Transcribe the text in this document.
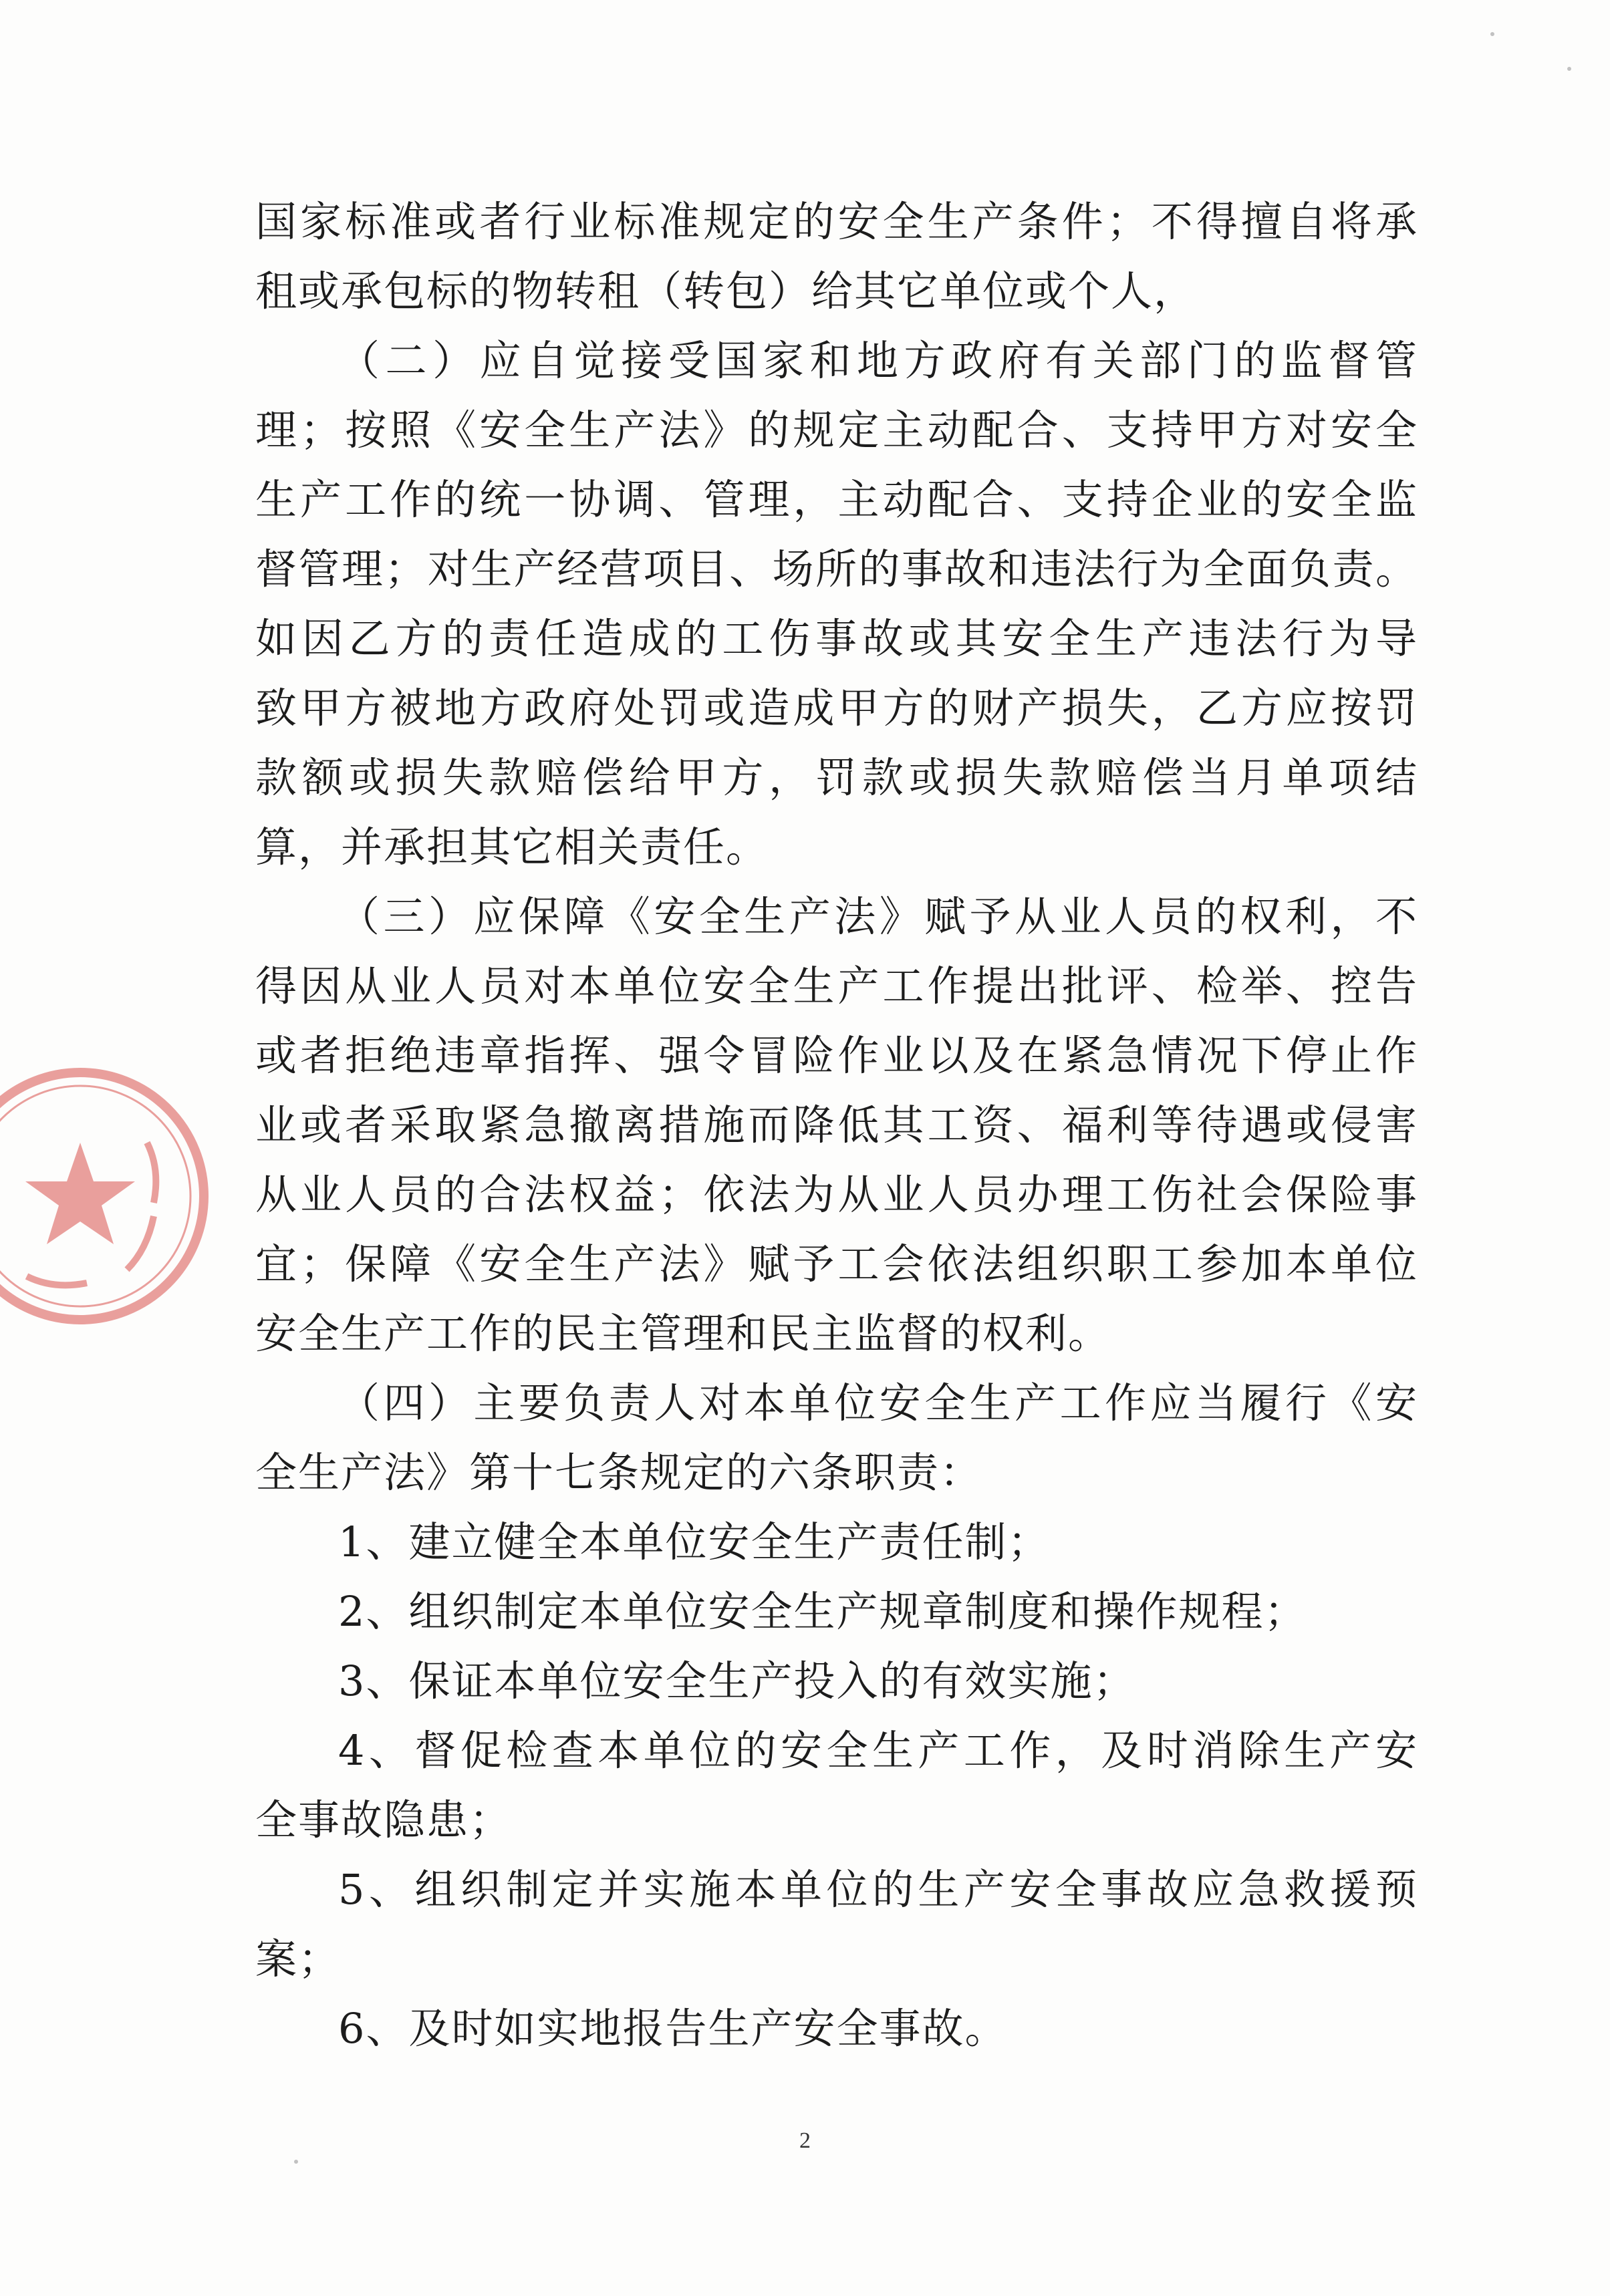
国家标准或者行业标准规定的安全生产条件；不得擅自将承
租或承包标的物转租（转包）给其它单位或个人，
（二）应自觉接受国家和地方政府有关部门的监督管
理；按照《安全生产法》的规定主动配合、支持甲方对安全
生产工作的统一协调、管理，主动配合、支持企业的安全监
督管理；对生产经营项目、场所的事故和违法行为全面负责。
如因乙方的责任造成的工伤事故或其安全生产违法行为导
致甲方被地方政府处罚或造成甲方的财产损失，乙方应按罚
款额或损失款赔偿给甲方，罚款或损失款赔偿当月单项结
算，并承担其它相关责任。
（三）应保障《安全生产法》赋予从业人员的权利，不
得因从业人员对本单位安全生产工作提出批评、检举、控告
或者拒绝违章指挥、强令冒险作业以及在紧急情况下停止作
业或者采取紧急撤离措施而降低其工资、福利等待遇或侵害
从业人员的合法权益；依法为从业人员办理工伤社会保险事
宜；保障《安全生产法》赋予工会依法组织职工参加本单位
安全生产工作的民主管理和民主监督的权利。
（四）主要负责人对本单位安全生产工作应当履行《安
全生产法》第十七条规定的六条职责：
1、建立健全本单位安全生产责任制；
2、组织制定本单位安全生产规章制度和操作规程；
3、保证本单位安全生产投入的有效实施；
4、督促检查本单位的安全生产工作，及时消除生产安
全事故隐患；
5、组织制定并实施本单位的生产安全事故应急救援预
案；
6、及时如实地报告生产安全事故。
2
